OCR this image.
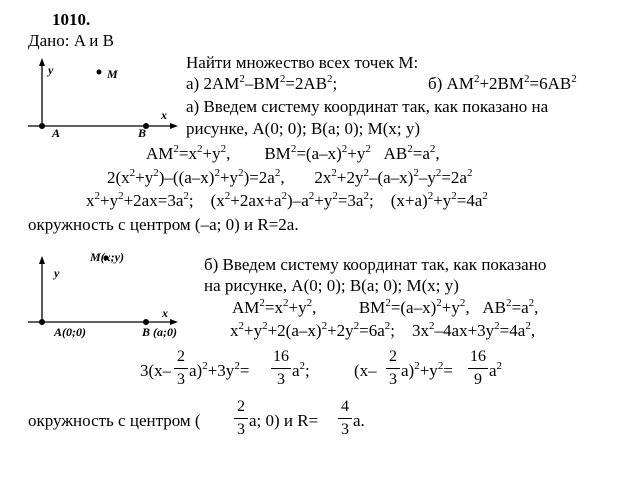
1010.
Дано: A и B
y
x
M
A	B
Найти множество всех точек M:
а) $2AM^2-BM^2=2AB^2$;	б) $AM^2+2BM^2=6AB^2$
а) Введем систему координат так, как показано на
рисунке, A(0; 0); B(a; 0); M(x; y)
$AM^2=x^2+y^2$, $BM^2=(a-x)^2+y^2$ $AB^2=a^2$,
$2(x^2+y^2)-((a-x)^2+y^2)=2a^2$, $2x^2+2y^2-(a-x)^2-y^2=2a^2$
$x^2+y^2+2ax=3a^2$; $(x^2+2ax+a^2)-a^2+y^2=3a^2$; $(x+a)^2+y^2=4a^2$
окружность с центром (–a; 0) и R=2a.
M(x;y)
y
x
A(0;0)	B (a;0)
б) Введем систему координат так, как показано
на рисунке, A(0; 0); B(a; 0); M(x; y)
$AM^2=x^2+y^2$,	$BM^2=(a-x)^2+y^2$, $AB^2=a^2$,
$x^2+y^2+2(a-x)^2+2y^2=6a^2$; $3x^2-4ax+3y^2=4a^2$,
3(x–
2
3 $a)^2+3y^2=$
16
3 $a^2$;	(x–
2
3 $a)^2+y^2=$
16
9 $a^2$
окружность с центром (
2
3 a; 0) и R=
4
3 a.
